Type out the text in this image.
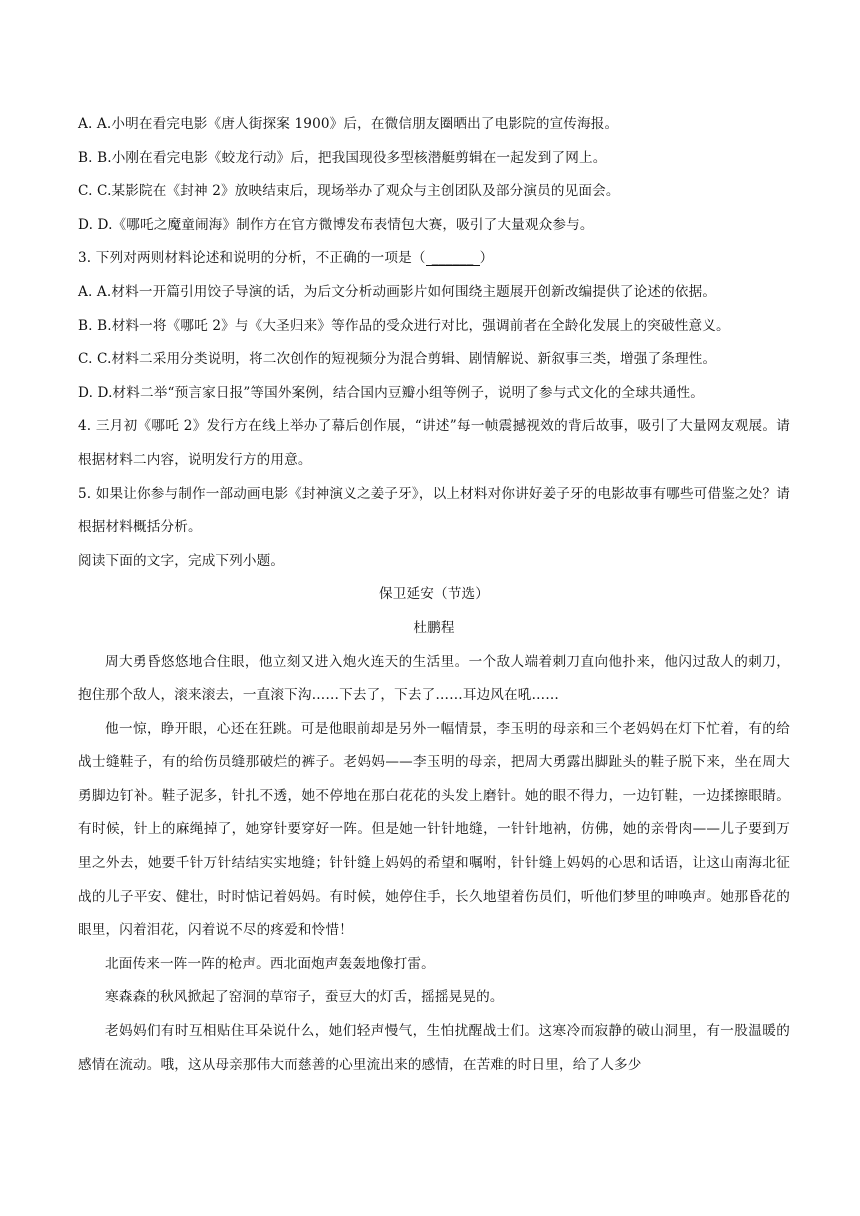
A. A.小明在看完电影《唐人街探案 1900》后，在微信朋友圈晒出了电影院的宣传海报。

B. B.小刚在看完电影《蛟龙行动》后，把我国现役多型核潜艇剪辑在一起发到了网上。

C. C.某影院在《封神 2》放映结束后，现场举办了观众与主创团队及部分演员的见面会。

D. D.《哪吒之魔童闹海》制作方在官方微博发布表情包大赛，吸引了大量观众参与。

3. 下列对两则材料论述和说明的分析，不正确的一项是（ ______ ）

A. A.材料一开篇引用饺子导演的话，为后文分析动画影片如何围绕主题展开创新改编提供了论述的依据。

B. B.材料一将《哪吒 2》与《大圣归来》等作品的受众进行对比，强调前者在全龄化发展上的突破性意义。

C. C.材料二采用分类说明，将二次创作的短视频分为混合剪辑、剧情解说、新叙事三类，增强了条理性。

D. D.材料二举“预言家日报”等国外案例，结合国内豆瓣小组等例子，说明了参与式文化的全球共通性。

4. 三月初《哪吒 2》发行方在线上举办了幕后创作展，“讲述”每一帧震撼视效的背后故事，吸引了大量网友观展。请根据材料二内容，说明发行方的用意。

5. 如果让你参与制作一部动画电影《封神演义之姜子牙》，以上材料对你讲好姜子牙的电影故事有哪些可借鉴之处？请根据材料概括分析。

阅读下面的文字，完成下列小题。

保卫延安（节选）

杜鹏程

周大勇昏悠悠地合住眼，他立刻又进入炮火连天的生活里。一个敌人端着刺刀直向他扑来，他闪过敌人的刺刀，抱住那个敌人，滚来滚去，一直滚下沟……下去了，下去了……耳边风在吼……

他一惊，睁开眼，心还在狂跳。可是他眼前却是另外一幅情景，李玉明的母亲和三个老妈妈在灯下忙着，有的给战士缝鞋子，有的给伤员缝那破烂的裤子。老妈妈——李玉明的母亲，把周大勇露出脚趾头的鞋子脱下来，坐在周大勇脚边钉补。鞋子泥多，针扎不透，她不停地在那白花花的头发上磨针。她的眼不得力，一边钉鞋，一边揉擦眼睛。有时候，针上的麻绳掉了，她穿针要穿好一阵。但是她一针针地缝，一针针地衲，仿佛，她的亲骨肉——儿子要到万里之外去，她要千针万针结结实实地缝；针针缝上妈妈的希望和嘱咐，针针缝上妈妈的心思和话语，让这山南海北征战的儿子平安、健壮，时时惦记着妈妈。有时候，她停住手，长久地望着伤员们，听他们梦里的呻唤声。她那昏花的眼里，闪着泪花，闪着说不尽的疼爱和怜惜！

北面传来一阵一阵的枪声。西北面炮声轰轰地像打雷。

寒森森的秋风掀起了窑洞的草帘子，蚕豆大的灯舌，摇摇晃晃的。

老妈妈们有时互相贴住耳朵说什么，她们轻声慢气，生怕扰醒战士们。这寒冷而寂静的破山洞里，有一股温暖的感情在流动。哦，这从母亲那伟大而慈善的心里流出来的感情，在苦难的时日里，给了人多少
